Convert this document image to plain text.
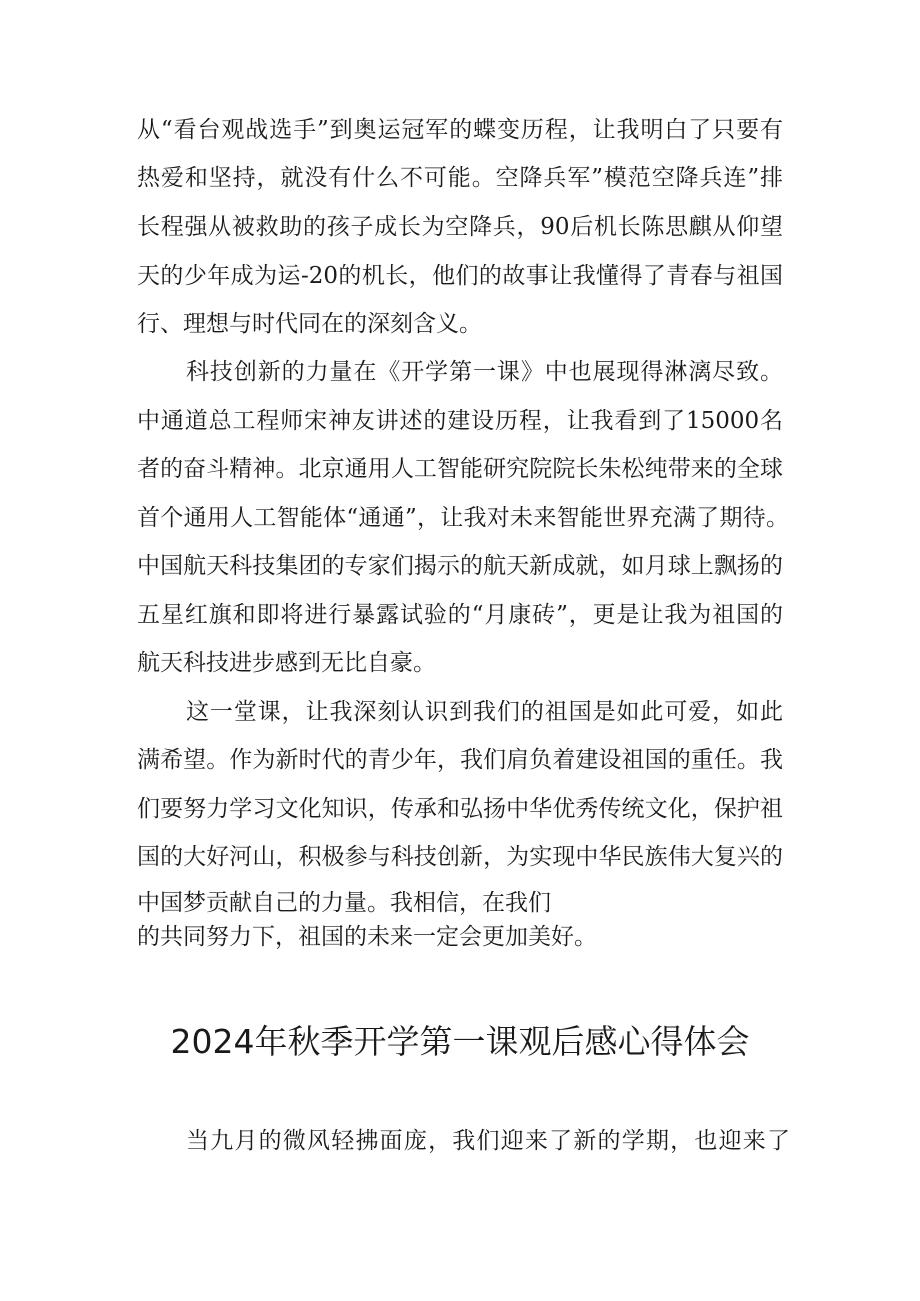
从“看台观战选手”到奥运冠军的蝶变历程，让我明白了只要有
热爱和坚持，就没有什么不可能。空降兵军”模范空降兵连”排
长程强从被救助的孩子成长为空降兵，90后机长陈思麒从仰望
天的少年成为运-20的机长，他们的故事让我懂得了青春与祖国
行、理想与时代同在的深刻含义。
科技创新的力量在《开学第一课》中也展现得淋漓尽致。
中通道总工程师宋神友讲述的建设历程，让我看到了15000名
者的奋斗精神。北京通用人工智能研究院院长朱松纯带来的全球
首个通用人工智能体“通通”，让我对未来智能世界充满了期待。
中国航天科技集团的专家们揭示的航天新成就，如月球上飘扬的
五星红旗和即将进行暴露试验的“月康砖”，更是让我为祖国的
航天科技进步感到无比自豪。
这一堂课，让我深刻认识到我们的祖国是如此可爱，如此
满希望。作为新时代的青少年，我们肩负着建设祖国的重任。我
们要努力学习文化知识，传承和弘扬中华优秀传统文化，保护祖
国的大好河山，积极参与科技创新，为实现中华民族伟大复兴的
中国梦贡献自己的力量。我相信，在我们
的共同努力下，祖国的未来一定会更加美好。
2024年秋季开学第一课观后感心得体会
当九月的微风轻拂面庞，我们迎来了新的学期，也迎来了
